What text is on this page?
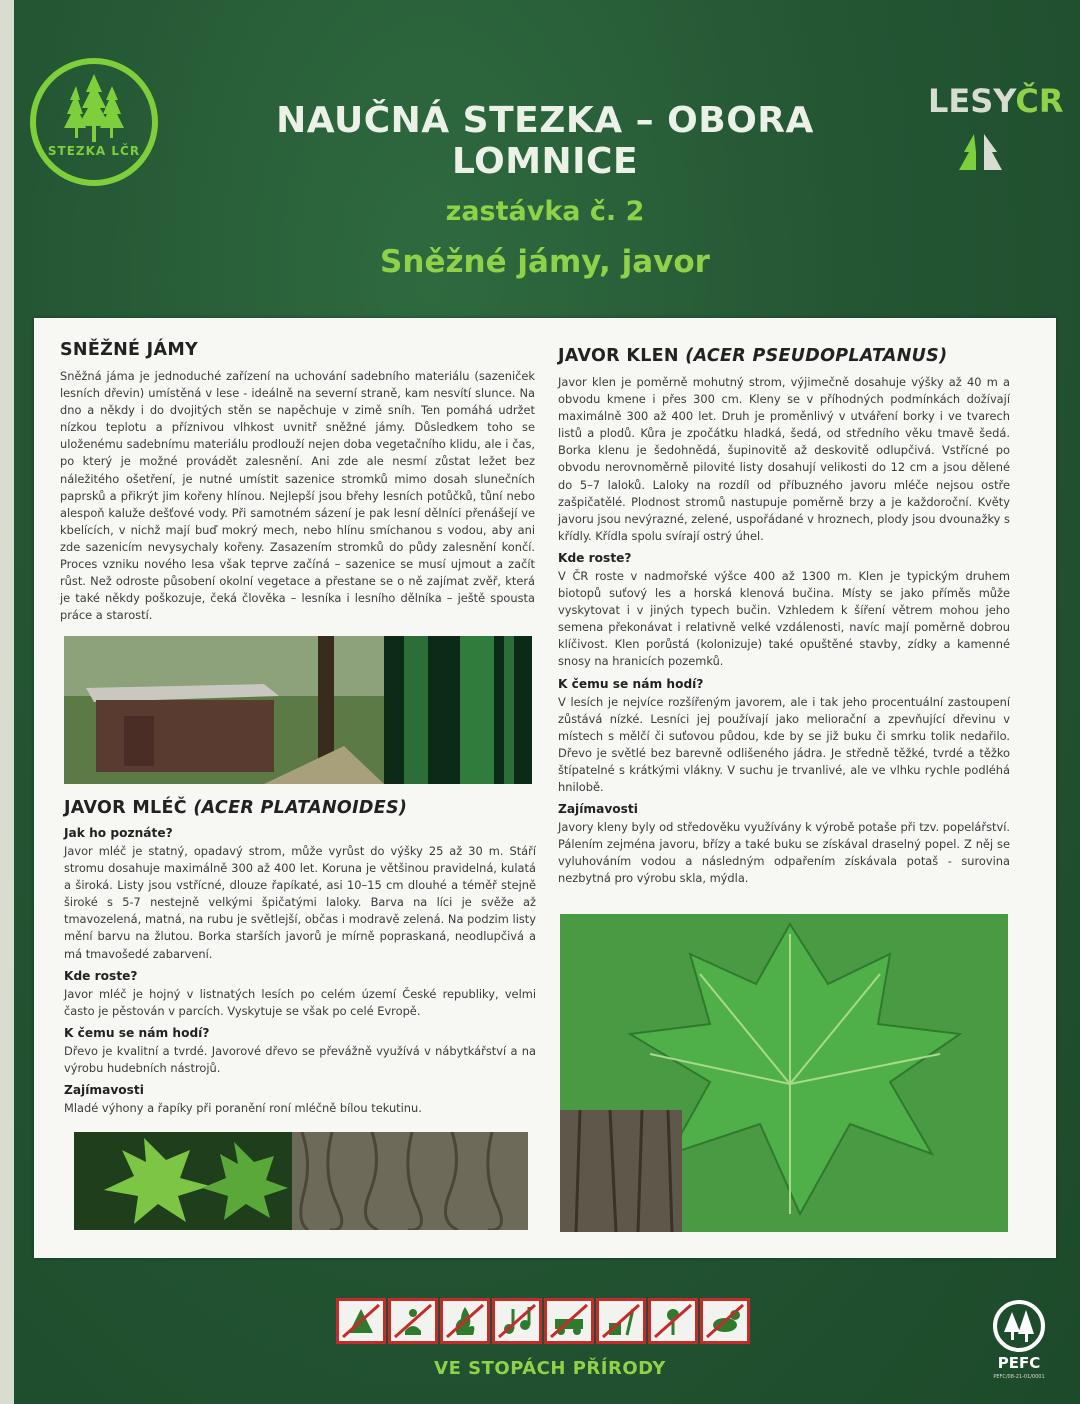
STEZKA LČR
NAUČNÁ STEZKA – OBORA LOMNICE
LESYČR
zastávka č. 2
Sněžné jámy, javor
SNĚŽNÉ JÁMY

Sněžná jáma je jednoduché zařízení na uchování sadebního materiálu (sazeniček lesních dřevin) umístěná v lese - ideálně na severní straně, kam nesvítí slunce. Na dno a někdy i do dvojitých stěn se napěchuje v zimě sníh. Ten pomáhá udržet nízkou teplotu a příznivou vlhkost uvnitř sněžné jámy. Důsledkem toho se uloženému sadebnímu materiálu prodlouží nejen doba vegetačního klidu, ale i čas, po který je možné provádět zalesnění. Ani zde ale nesmí zůstat ležet bez náležitého ošetření, je nutné umístit sazenice stromků mimo dosah slunečních paprsků a přikrýt jim kořeny hlínou. Nejlepší jsou břehy lesních potůčků, tůní nebo alespoň kaluže dešťové vody. Při samotném sázení je pak lesní dělníci přenášejí ve kbelících, v nichž mají buď mokrý mech, nebo hlínu smíchanou s vodou, aby ani zde sazenicím nevysychaly kořeny. Zasazením stromků do půdy zalesnění končí. Proces vzniku nového lesa však teprve začíná – sazenice se musí ujmout a začít růst. Než odroste působení okolní vegetace a přestane se o ně zajímat zvěř, která je také někdy poškozuje, čeká člověka – lesníka i lesního dělníka – ještě spousta práce a starostí.

JAVOR MLÉČ (ACER PLATANOIDES)
Jak ho poznáte?

Javor mléč je statný, opadavý strom, může vyrůst do výšky 25 až 30 m. Stáří stromu dosahuje maximálně 300 až 400 let. Koruna je většinou pravidelná, kulatá a široká. Listy jsou vstřícné, dlouze řapíkaté, asi 10–15 cm dlouhé a téměř stejně široké s 5-7 nestejně velkými špičatými laloky. Barva na líci je svěže až tmavozelená, matná, na rubu je světlejší, občas i modravě zelená. Na podzim listy mění barvu na žlutou. Borka starších javorů je mírně popraskaná, neodlupčivá a má tmavošedé zabarvení.

Kde roste?

Javor mléč je hojný v listnatých lesích po celém území České republiky, velmi často je pěstován v parcích. Vyskytuje se však po celé Evropě.

K čemu se nám hodí?

Dřevo je kvalitní a tvrdé. Javorové dřevo se převážně využívá v nábytkářství a na výrobu hudebních nástrojů.

Zajímavosti

Mladé výhony a řapíky při poranění roní mléčně bílou tekutinu.

JAVOR KLEN (ACER PSEUDOPLATANUS)

Javor klen je poměrně mohutný strom, výjimečně dosahuje výšky až 40 m a obvodu kmene i přes 300 cm. Kleny se v příhodných podmínkách dožívají maximálně 300 až 400 let. Druh je proměnlivý v utváření borky i ve tvarech listů a plodů. Kůra je zpočátku hladká, šedá, od středního věku tmavě šedá. Borka klenu je šedohnědá, šupinovitě až deskovitě odlupčivá. Vstřícné po obvodu nerovnoměrně pilovité listy dosahují velikosti do 12 cm a jsou dělené do 5–7 laloků. Laloky na rozdíl od příbuzného javoru mléče nejsou ostře zašpičatělé. Plodnost stromů nastupuje poměrně brzy a je každoroční. Květy javoru jsou nevýrazné, zelené, uspořádané v hroznech, plody jsou dvounažky s křídly. Křídla spolu svírají ostrý úhel.

Kde roste?

V ČR roste v nadmořské výšce 400 až 1300 m. Klen je typickým druhem biotopů suťový les a horská klenová bučina. Místy se jako příměs může vyskytovat i v jiných typech bučin. Vzhledem k šíření větrem mohou jeho semena překonávat i relativně velké vzdálenosti, navíc mají poměrně dobrou klíčivost. Klen porůstá (kolonizuje) také opuštěné stavby, zídky a kamenné snosy na hranicích pozemků.

K čemu se nám hodí?

V lesích je nejvíce rozšířeným javorem, ale i tak jeho procentuální zastoupení zůstává nízké. Lesníci jej používají jako meliorační a zpevňující dřevinu v místech s mělčí či suťovou půdou, kde by se již buku či smrku tolik nedařilo. Dřevo je světlé bez barevně odlišeného jádra. Je středně těžké, tvrdé a těžko štípatelné s krátkými vlákny. V suchu je trvanlivé, ale ve vlhku rychle podléhá hnilobě.

Zajímavosti

Javory kleny byly od středověku využívány k výrobě potaše při tzv. popelářství. Pálením zejména javoru, břízy a také buku se získával draselný popel. Z něj se vyluhováním vodou a následným odpařením získávala potaš - surovina nezbytná pro výrobu skla, mýdla.

VE STOPÁCH PŘÍRODY	PEFC
PEFC/08-21-01/0001
